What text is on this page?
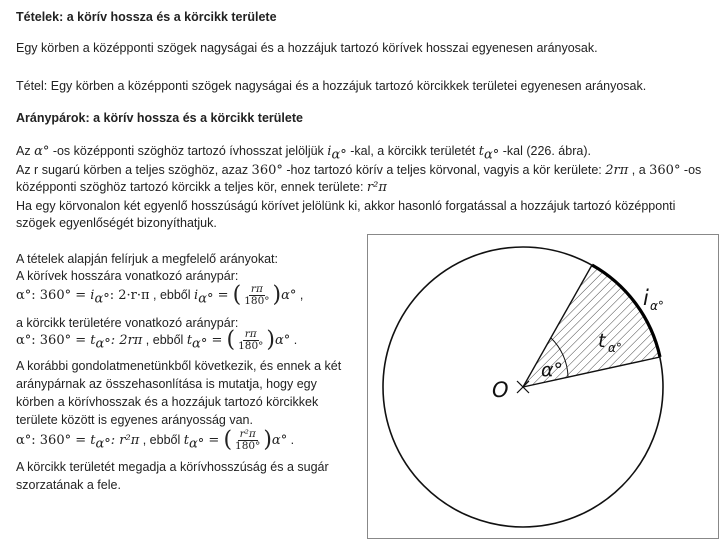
Tételek: a körív hossza és a körcikk területe
Egy körben a középponti szögek nagyságai és a hozzájuk tartozó körívek hosszai egyenesen arányosak.
Tétel: Egy körben a középponti szögek nagyságai és a hozzájuk tartozó körcikkek területei egyenesen arányosak.
Aránypárok: a körív hossza és a körcikk területe
Az α° -os középponti szöghöz tartozó ívhosszat jelöljük $i_{\alpha^\circ}$ -kal, a körcikk területét $t_{\alpha^\circ}$ -kal (226. ábra).
Az r sugarú körben a teljes szöghöz, azaz 360° -hoz tartozó körív a teljes körvonal, vagyis a kör kerülete: 2rπ , a 360° -os
középponti szöghöz tartozó körcikk a teljes kör, ennek területe: r²π
Ha egy körvonalon két egyenlő hosszúságú körívet jelölünk ki, akkor hasonló forgatással a hozzájuk tartozó középponti
szögek egyenlőségét bizonyíthatjuk.
A tételek alapján felírjuk a megfelelő arányokat:
A körívek hosszára vonatkozó aránypár:
α°: $360^\circ = i_{\alpha^\circ}$: 2·r·π , ebből $i_{\alpha^\circ}$ = ( $\frac{r\pi}{180^\circ} )\alpha^\circ$ ,
a körcikk területére vonatkozó aránypár:
α°: $360^\circ = t_{\alpha^\circ}$: 2rπ , ebből $t_{\alpha^\circ}$ = ( $\frac{r\pi}{180^\circ} )\alpha^\circ$ .
A korábbi gondolatmenetünkből következik, és ennek a két
aránypárnak az összehasonlítása is mutatja, hogy egy
körben a körívhosszak és a hozzájuk tartozó körcikkek
területe között is egyenes arányosság van.
α°: $360^\circ = t_{\alpha^\circ}$: r²π , ebből $t_{\alpha^\circ}$ = ( $\frac{\text{r²π}}{180^\circ} )\alpha^\circ$ .
A körcikk területét megadja a körívhosszúság és a sugár
szorzatának a fele.
O
α°
t α°
i α°
